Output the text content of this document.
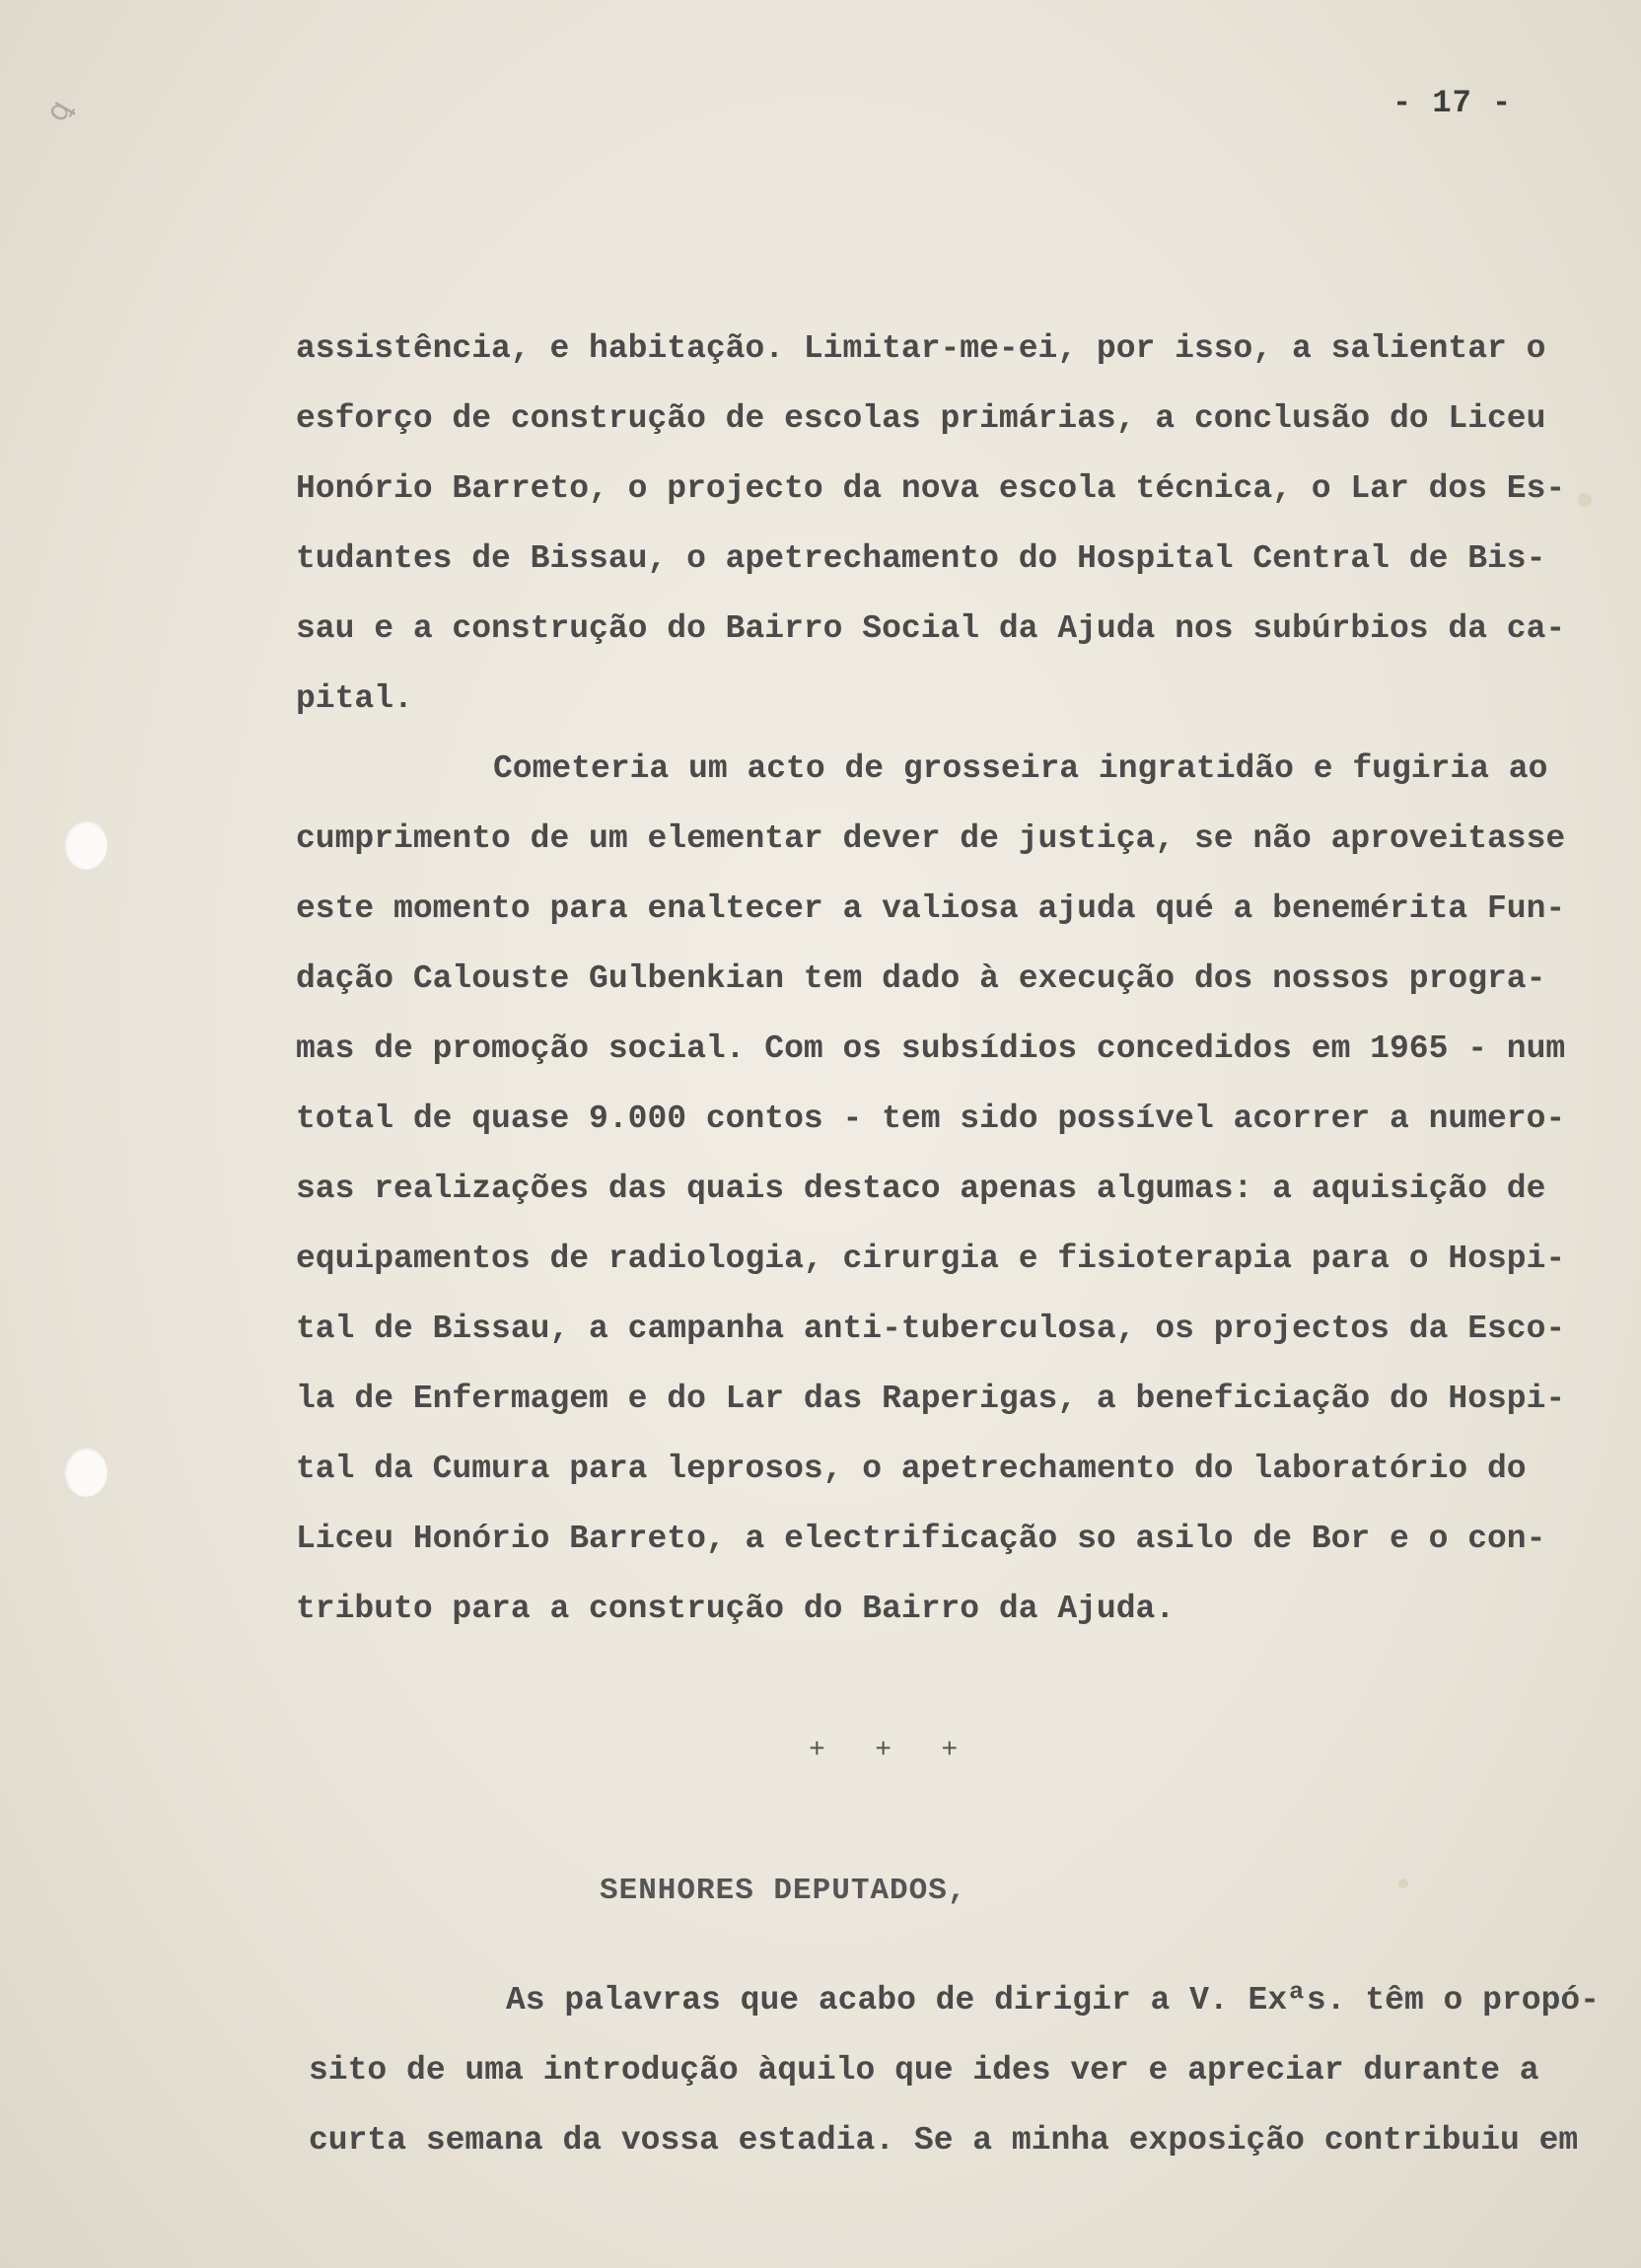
ꝗ	- 17 -
assistência, e habitação. Limitar-me-ei, por isso, a salientar o
esforço de construção de escolas primárias, a conclusão do Liceu
Honório Barreto, o projecto da nova escola técnica, o Lar dos Es-
tudantes de Bissau, o apetrechamento do Hospital Central de Bis-
sau e a construção do Bairro Social da Ajuda nos subúrbios da ca-
pital.
Cometeria um acto de grosseira ingratidão e fugiria ao
cumprimento de um elementar dever de justiça, se não aproveitasse
este momento para enaltecer a valiosa ajuda qué a benemérita Fun-
dação Calouste Gulbenkian tem dado à execução dos nossos progra-
mas de promoção social. Com os subsídios concedidos em 1965 - num
total de quase 9.000 contos - tem sido possível acorrer a numero-
sas realizações das quais destaco apenas algumas: a aquisição de
equipamentos de radiologia, cirurgia e fisioterapia para o Hospi-
tal de Bissau, a campanha anti-tuberculosa, os projectos da Esco-
la de Enfermagem e do Lar das Raperigas, a beneficiação do Hospi-
tal da Cumura para leprosos, o apetrechamento do laboratório do
Liceu Honório Barreto, a electrificação so asilo de Bor e o con-
tributo para a construção do Bairro da Ajuda.
+   +   +
SENHORES DEPUTADOS,
As palavras que acabo de dirigir a V. Exªs. têm o propó-
sito de uma introdução àquilo que ides ver e apreciar durante a
curta semana da vossa estadia. Se a minha exposição contribuiu em
